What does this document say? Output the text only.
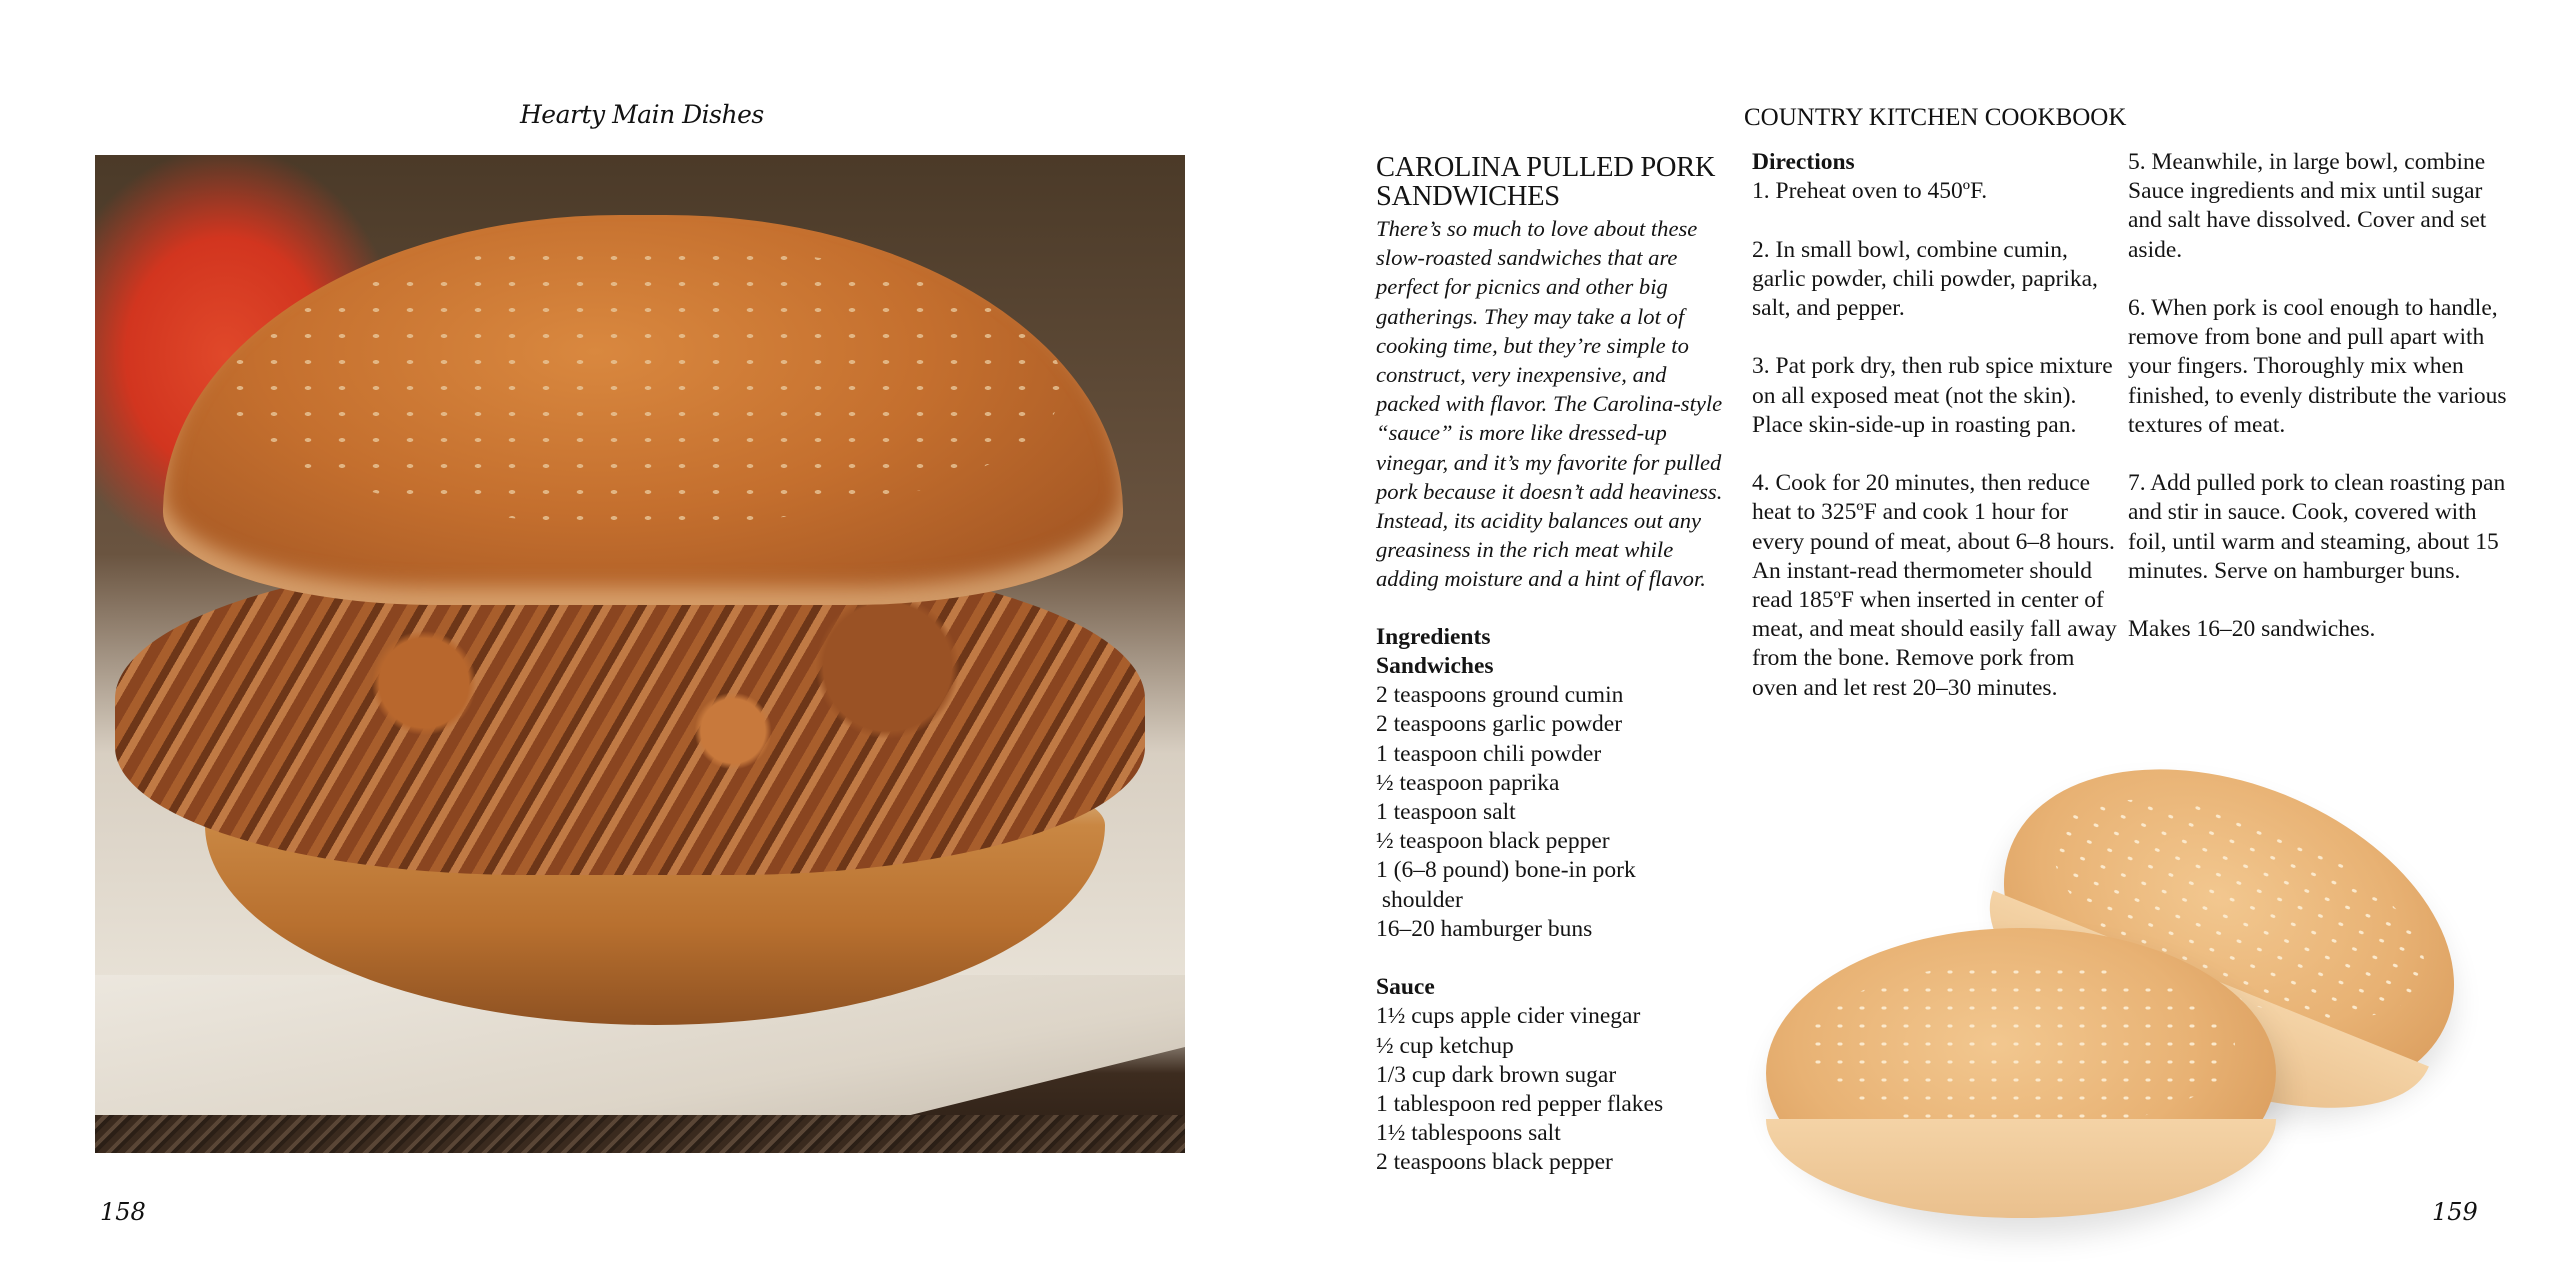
Hearty Main Dishes
158
COUNTRY KITCHEN COOKBOOK
CAROLINA PULLED PORK
SANDWICHES

There’s so much to love about these slow-roasted sandwiches that are perfect for picnics and other big gatherings. They may take a lot of cooking time, but they’re simple to construct, very inexpensive, and packed with flavor. The Carolina-style “sauce” is more like dressed-up vinegar, and it’s my favorite for pulled pork because it doesn’t add heaviness. Instead, its acidity balances out any greasiness in the rich meat while adding moisture and a hint of flavor.

Ingredients
Sandwiches
2 teaspoons ground cumin
2 teaspoons garlic powder
1 teaspoon chili powder
½ teaspoon paprika
1 teaspoon salt
½ teaspoon black pepper
1 (6–8 pound) bone-in pork
shoulder
16–20 hamburger buns
Sauce
1½ cups apple cider vinegar
½ cup ketchup
1/3 cup dark brown sugar
1 tablespoon red pepper flakes
1½ tablespoons salt
2 teaspoons black pepper
Directions
1. Preheat oven to 450ºF.
2. In small bowl, combine cumin, garlic powder, chili powder, paprika, salt, and pepper.
3. Pat pork dry, then rub spice mixture on all exposed meat (not the skin). Place skin-side-up in roasting pan.
4. Cook for 20 minutes, then reduce heat to 325ºF and cook 1 hour for every pound of meat, about 6–8 hours. An instant-read thermometer should read 185ºF when inserted in center of meat, and meat should easily fall away from the bone. Remove pork from oven and let rest 20–30 minutes.
5. Meanwhile, in large bowl, combine Sauce ingredients and mix until sugar and salt have dissolved. Cover and set aside.
6. When pork is cool enough to handle, remove from bone and pull apart with your fingers. Thoroughly mix when finished, to evenly distribute the various textures of meat.
7. Add pulled pork to clean roasting pan and stir in sauce. Cook, covered with foil, until warm and steaming, about 15 minutes. Serve on hamburger buns.
Makes 16–20 sandwiches.
159
